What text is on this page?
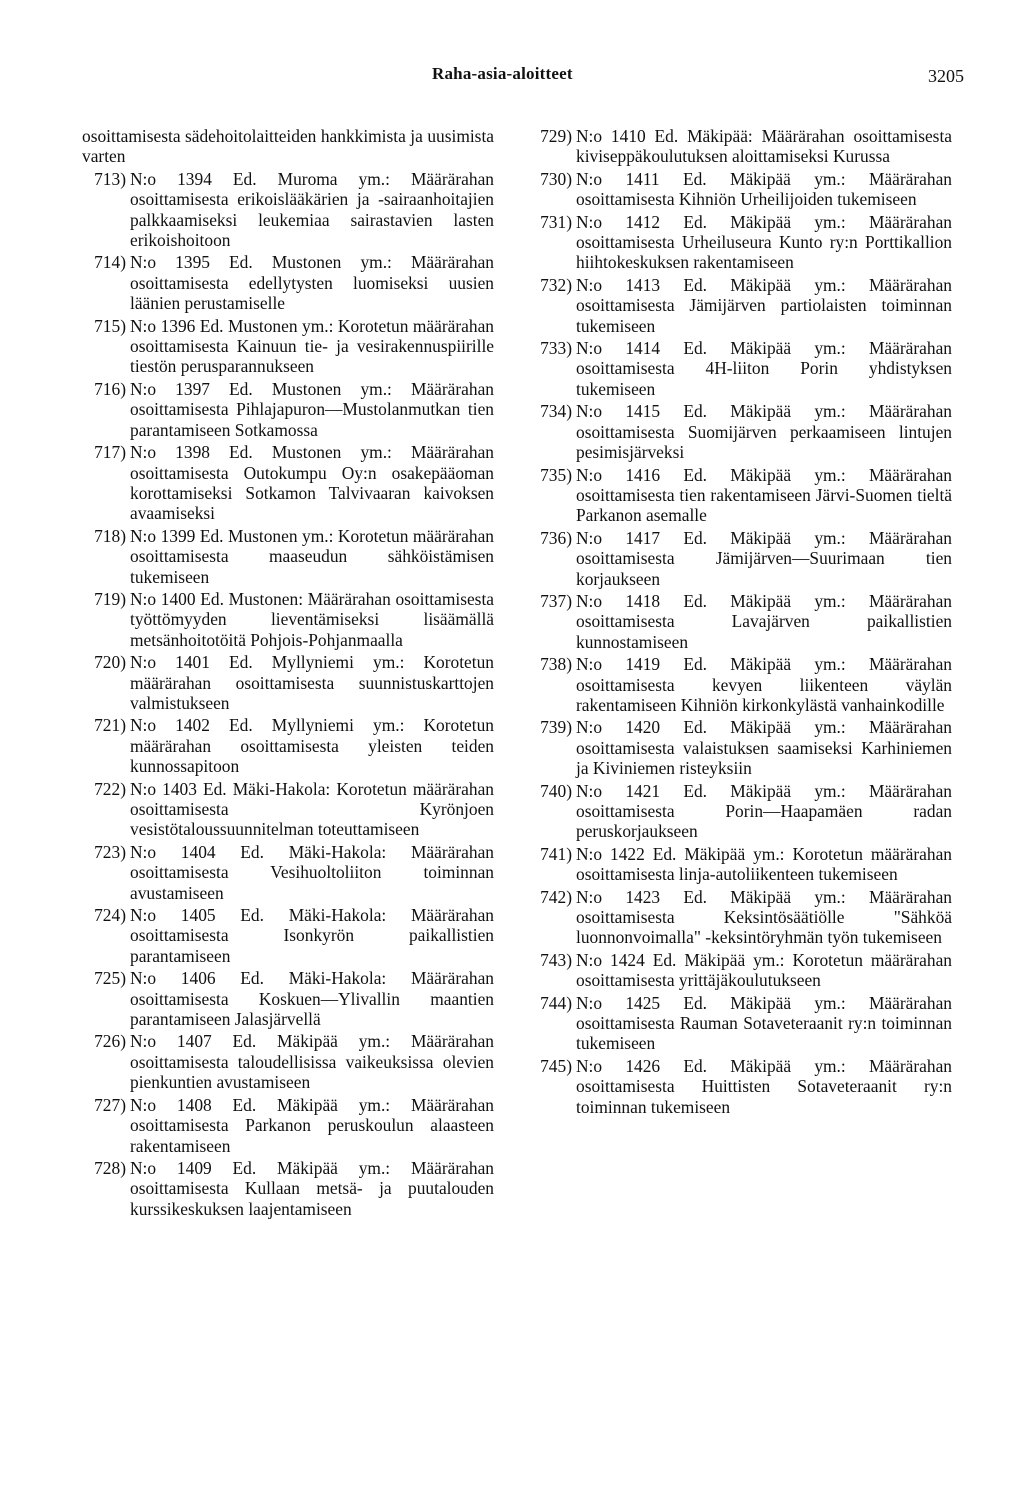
Raha-asia-aloitteet	3205
osoittamisesta sädehoitolaitteiden hankkimista ja uusimista varten
713) N:o 1394 Ed. Muroma ym.: Määrärahan osoittamisesta erikoislääkärien ja -sairaanhoitajien palkkaamiseksi leukemiaa sairastavien lasten erikoishoitoon
714) N:o 1395 Ed. Mustonen ym.: Määrärahan osoittamisesta edellytysten luomiseksi uusien läänien perustamiselle
715) N:o 1396 Ed. Mustonen ym.: Korotetun määrärahan osoittamisesta Kainuun tie- ja vesirakennuspiirille tiestön perusparannukseen
716) N:o 1397 Ed. Mustonen ym.: Määrärahan osoittamisesta Pihlajapuron—Mustolanmutkan tien parantamiseen Sotkamossa
717) N:o 1398 Ed. Mustonen ym.: Määrärahan osoittamisesta Outokumpu Oy:n osakepääoman korottamiseksi Sotkamon Talvivaaran kaivoksen avaamiseksi
718) N:o 1399 Ed. Mustonen ym.: Korotetun määrärahan osoittamisesta maaseudun sähköistämisen tukemiseen
719) N:o 1400 Ed. Mustonen: Määrärahan osoittamisesta työttömyyden lieventämiseksi lisäämällä metsänhoitotöitä Pohjois-Pohjanmaalla
720) N:o 1401 Ed. Myllyniemi ym.: Korotetun määrärahan osoittamisesta suunnistuskarttojen valmistukseen
721) N:o 1402 Ed. Myllyniemi ym.: Korotetun määrärahan osoittamisesta yleisten teiden kunnossapitoon
722) N:o 1403 Ed. Mäki-Hakola: Korotetun määrärahan osoittamisesta Kyrönjoen vesistötaloussuunnitelman toteuttamiseen
723) N:o 1404 Ed. Mäki-Hakola: Määrärahan osoittamisesta Vesihuoltoliiton toiminnan avustamiseen
724) N:o 1405 Ed. Mäki-Hakola: Määrärahan osoittamisesta Isonkyrön paikallistien parantamiseen
725) N:o 1406 Ed. Mäki-Hakola: Määrärahan osoittamisesta Koskuen—Ylivallin maantien parantamiseen Jalasjärvellä
726) N:o 1407 Ed. Mäkipää ym.: Määrärahan osoittamisesta taloudellisissa vaikeuksissa olevien pienkuntien avustamiseen
727) N:o 1408 Ed. Mäkipää ym.: Määrärahan osoittamisesta Parkanon peruskoulun alaasteen rakentamiseen
728) N:o 1409 Ed. Mäkipää ym.: Määrärahan osoittamisesta Kullaan metsä- ja puutalouden kurssikeskuksen laajentamiseen
729) N:o 1410 Ed. Mäkipää: Määrärahan osoittamisesta kiviseppäkoulutuksen aloittamiseksi Kurussa
730) N:o 1411 Ed. Mäkipää ym.: Määrärahan osoittamisesta Kihniön Urheilijoiden tukemiseen
731) N:o 1412 Ed. Mäkipää ym.: Määrärahan osoittamisesta Urheiluseura Kunto ry:n Porttikallion hiihtokeskuksen rakentamiseen
732) N:o 1413 Ed. Mäkipää ym.: Määrärahan osoittamisesta Jämijärven partiolaisten toiminnan tukemiseen
733) N:o 1414 Ed. Mäkipää ym.: Määrärahan osoittamisesta 4H-liiton Porin yhdistyksen tukemiseen
734) N:o 1415 Ed. Mäkipää ym.: Määrärahan osoittamisesta Suomijärven perkaamiseen lintujen pesimisjärveksi
735) N:o 1416 Ed. Mäkipää ym.: Määrärahan osoittamisesta tien rakentamiseen Järvi-Suomen tieltä Parkanon asemalle
736) N:o 1417 Ed. Mäkipää ym.: Määrärahan osoittamisesta Jämijärven—Suurimaan tien korjaukseen
737) N:o 1418 Ed. Mäkipää ym.: Määrärahan osoittamisesta Lavajärven paikallistien kunnostamiseen
738) N:o 1419 Ed. Mäkipää ym.: Määrärahan osoittamisesta kevyen liikenteen väylän rakentamiseen Kihniön kirkonkylästä vanhainkodille
739) N:o 1420 Ed. Mäkipää ym.: Määrärahan osoittamisesta valaistuksen saamiseksi Karhiniemen ja Kiviniemen risteyksiin
740) N:o 1421 Ed. Mäkipää ym.: Määrärahan osoittamisesta Porin—Haapamäen radan peruskorjaukseen
741) N:o 1422 Ed. Mäkipää ym.: Korotetun määrärahan osoittamisesta linja-autoliikenteen tukemiseen
742) N:o 1423 Ed. Mäkipää ym.: Määrärahan osoittamisesta Keksintösäätiölle "Sähköä luonnonvoimalla" -keksintöryhmän työn tukemiseen
743) N:o 1424 Ed. Mäkipää ym.: Korotetun määrärahan osoittamisesta yrittäjäkoulutukseen
744) N:o 1425 Ed. Mäkipää ym.: Määrärahan osoittamisesta Rauman Sotaveteraanit ry:n toiminnan tukemiseen
745) N:o 1426 Ed. Mäkipää ym.: Määrärahan osoittamisesta Huittisten Sotaveteraanit ry:n toiminnan tukemiseen
